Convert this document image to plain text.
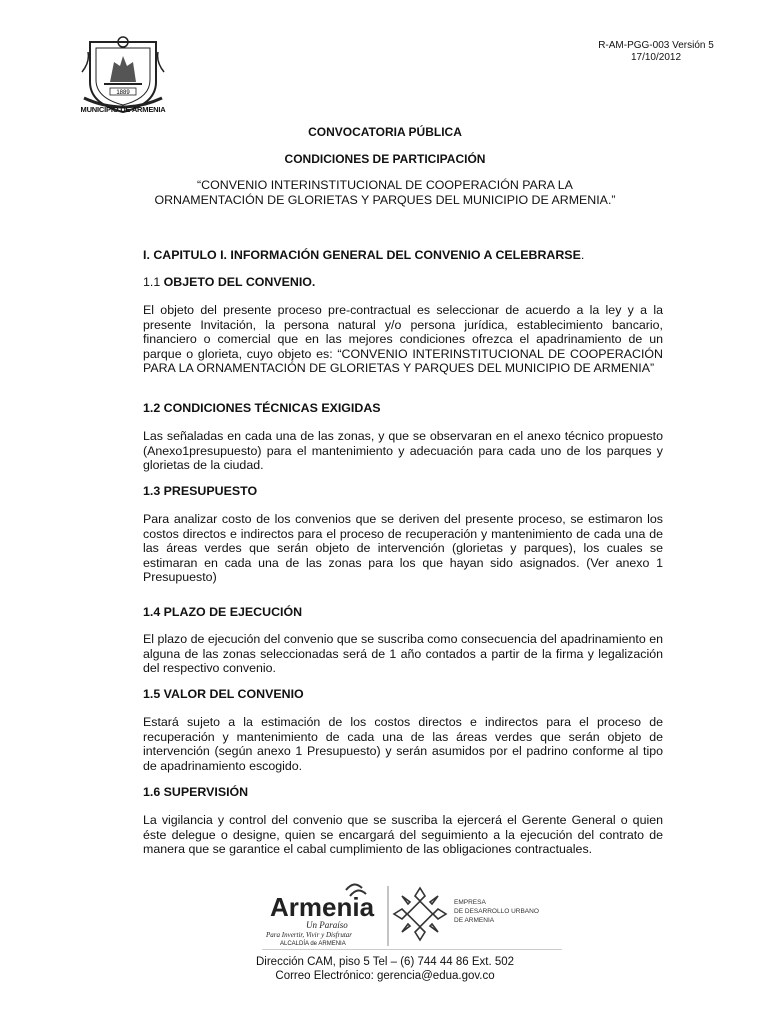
1889
MUNICIPIO DE ARMENIA
R-AM-PGG-003 Versión 5
17/10/2012
CONVOCATORIA PÚBLICA
CONDICIONES DE PARTICIPACIÓN
“CONVENIO INTERINSTITUCIONAL DE COOPERACIÓN PARA LA ORNAMENTACIÓN DE GLORIETAS Y PARQUES DEL MUNICIPIO DE ARMENIA.”
I. CAPITULO I. INFORMACIÓN GENERAL DEL CONVENIO A CELEBRARSE.
1.1 OBJETO DEL CONVENIO.
El objeto del presente proceso pre-contractual es seleccionar de acuerdo a la ley y a la presente Invitación, la persona natural y/o persona jurídica, establecimiento bancario, financiero o comercial que en las mejores condiciones ofrezca el apadrinamiento de un parque o glorieta, cuyo objeto es: “CONVENIO INTERINSTITUCIONAL DE COOPERACIÓN PARA LA ORNAMENTACIÓN DE GLORIETAS Y PARQUES DEL MUNICIPIO DE ARMENIA”
1.2 CONDICIONES TÉCNICAS EXIGIDAS
Las señaladas en cada una de las zonas, y que se observaran en el anexo técnico propuesto (Anexo1presupuesto) para el mantenimiento y adecuación para cada uno de los parques y glorietas de la ciudad.
1.3 PRESUPUESTO
Para analizar costo de los convenios que se deriven del presente proceso, se estimaron los costos directos e indirectos para el proceso de recuperación y mantenimiento de cada una de las áreas verdes que serán objeto de intervención (glorietas y parques), los cuales se estimaran en cada una de las zonas para los que hayan sido asignados. (Ver anexo 1 Presupuesto)
1.4 PLAZO DE EJECUCIÓN
El plazo de ejecución del convenio que se suscriba como consecuencia del apadrinamiento en alguna de las zonas seleccionadas será de 1 año contados a partir de la firma y legalización del respectivo convenio.
1.5 VALOR DEL CONVENIO
Estará sujeto a la estimación de los costos directos e indirectos para el proceso de recuperación y mantenimiento de cada una de las áreas verdes que serán objeto de intervención (según anexo 1 Presupuesto) y serán asumidos por el padrino conforme al tipo de apadrinamiento escogido.
1.6 SUPERVISIÓN
La vigilancia y control del convenio que se suscriba la ejercerá el Gerente General o quien éste delegue o designe, quien se encargará del seguimiento a la ejecución del contrato de manera que se garantice el cabal cumplimiento de las obligaciones contractuales.
Armenia
Un Paraíso
Para Invertir, Vivir y Disfrutar
ALCALDÍA de ARMENIA
EMPRESA
DE DESARROLLO URBANO
DE ARMENIA
Dirección CAM, piso 5 Tel – (6) 744 44 86 Ext. 502
Correo Electrónico: gerencia@edua.gov.co
